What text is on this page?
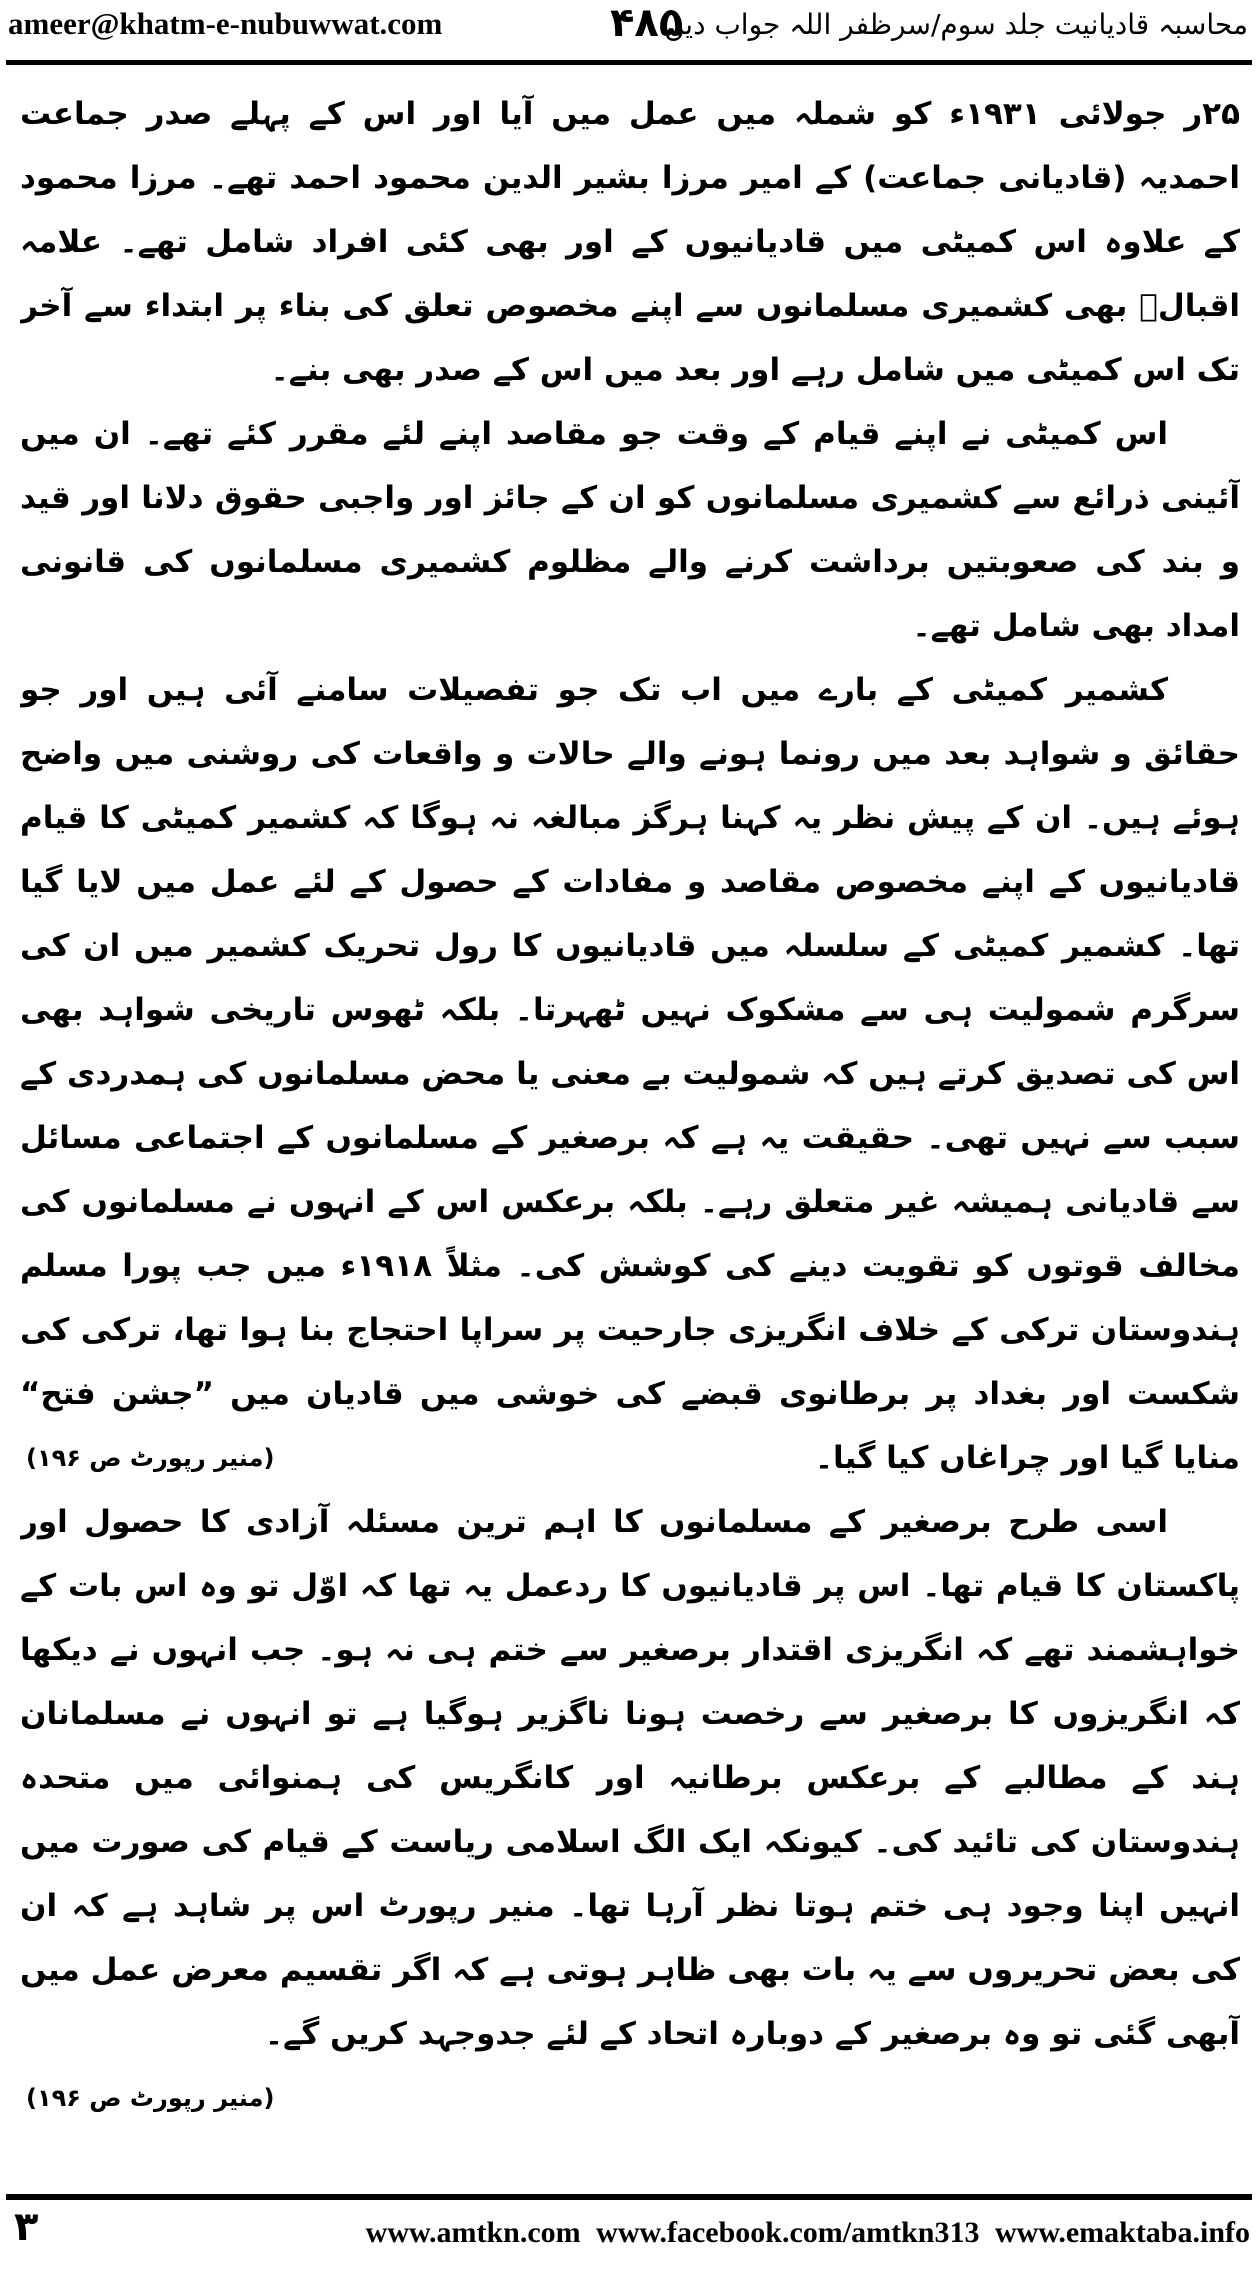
ameer@khatm-e-nubuwwat.com	۴۸۵
محاسبہ قادیانیت جلد سوم/سرظفر اللہ جواب دیں

۲۵ر جولائی ۱۹۳۱ء کو شملہ میں عمل میں آیا اور اس کے پہلے صدر جماعت احمدیہ (قادیانی جماعت) کے امیر مرزا بشیر الدین محمود احمد تھے۔ مرزا محمود کے علاوہ اس کمیٹی میں قادیانیوں کے اور بھی کئی افراد شامل تھے۔ علامہ اقبالؒ بھی کشمیری مسلمانوں سے اپنے مخصوص تعلق کی بناء پر ابتداء سے آخر تک اس کمیٹی میں شامل رہے اور بعد میں اس کے صدر بھی بنے۔

اس کمیٹی نے اپنے قیام کے وقت جو مقاصد اپنے لئے مقرر کئے تھے۔ ان میں آئینی ذرائع سے کشمیری مسلمانوں کو ان کے جائز اور واجبی حقوق دلانا اور قید و بند کی صعوبتیں برداشت کرنے والے مظلوم کشمیری مسلمانوں کی قانونی امداد بھی شامل تھے۔

کشمیر کمیٹی کے بارے میں اب تک جو تفصیلات سامنے آئی ہیں اور جو حقائق و شواہد بعد میں رونما ہونے والے حالات و واقعات کی روشنی میں واضح ہوئے ہیں۔ ان کے پیش نظر یہ کہنا ہرگز مبالغہ نہ ہوگا کہ کشمیر کمیٹی کا قیام قادیانیوں کے اپنے مخصوص مقاصد و مفادات کے حصول کے لئے عمل میں لایا گیا تھا۔ کشمیر کمیٹی کے سلسلہ میں قادیانیوں کا رول تحریک کشمیر میں ان کی سرگرم شمولیت ہی سے مشکوک نہیں ٹھہرتا۔ بلکہ ٹھوس تاریخی شواہد بھی اس کی تصدیق کرتے ہیں کہ شمولیت بے معنی یا محض مسلمانوں کی ہمدردی کے سبب سے نہیں تھی۔ حقیقت یہ ہے کہ برصغیر کے مسلمانوں کے اجتماعی مسائل سے قادیانی ہمیشہ غیر متعلق رہے۔ بلکہ برعکس اس کے انہوں نے مسلمانوں کی مخالف قوتوں کو تقویت دینے کی کوشش کی۔ مثلاً ۱۹۱۸ء میں جب پورا مسلم ہندوستان ترکی کے خلاف انگریزی جارحیت پر سراپا احتجاج بنا ہوا تھا، ترکی کی شکست اور بغداد پر برطانوی قبضے کی خوشی میں قادیان میں ”جشن فتح“ منایا گیا اور چراغاں کیا گیا۔
(منیر رپورٹ ص ۱۹۶)

اسی طرح برصغیر کے مسلمانوں کا اہم ترین مسئلہ آزادی کا حصول اور پاکستان کا قیام تھا۔ اس پر قادیانیوں کا ردعمل یہ تھا کہ اوّل تو وہ اس بات کے خواہشمند تھے کہ انگریزی اقتدار برصغیر سے ختم ہی نہ ہو۔ جب انہوں نے دیکھا کہ انگریزوں کا برصغیر سے رخصت ہونا ناگزیر ہوگیا ہے تو انہوں نے مسلمانان ہند کے مطالبے کے برعکس برطانیہ اور کانگریس کی ہمنوائی میں متحدہ ہندوستان کی تائید کی۔ کیونکہ ایک الگ اسلامی ریاست کے قیام کی صورت میں انہیں اپنا وجود ہی ختم ہوتا نظر آرہا تھا۔ منیر رپورٹ اس پر شاہد ہے کہ ان کی بعض تحریروں سے یہ بات بھی ظاہر ہوتی ہے کہ اگر تقسیم معرض عمل میں آبھی گئی تو وہ برصغیر کے دوبارہ اتحاد کے لئے جدوجہد کریں گے۔
(منیر رپورٹ ص ۱۹۶)

۳	www.amtkn.com www.facebook.com/amtkn313 www.emaktaba.info
